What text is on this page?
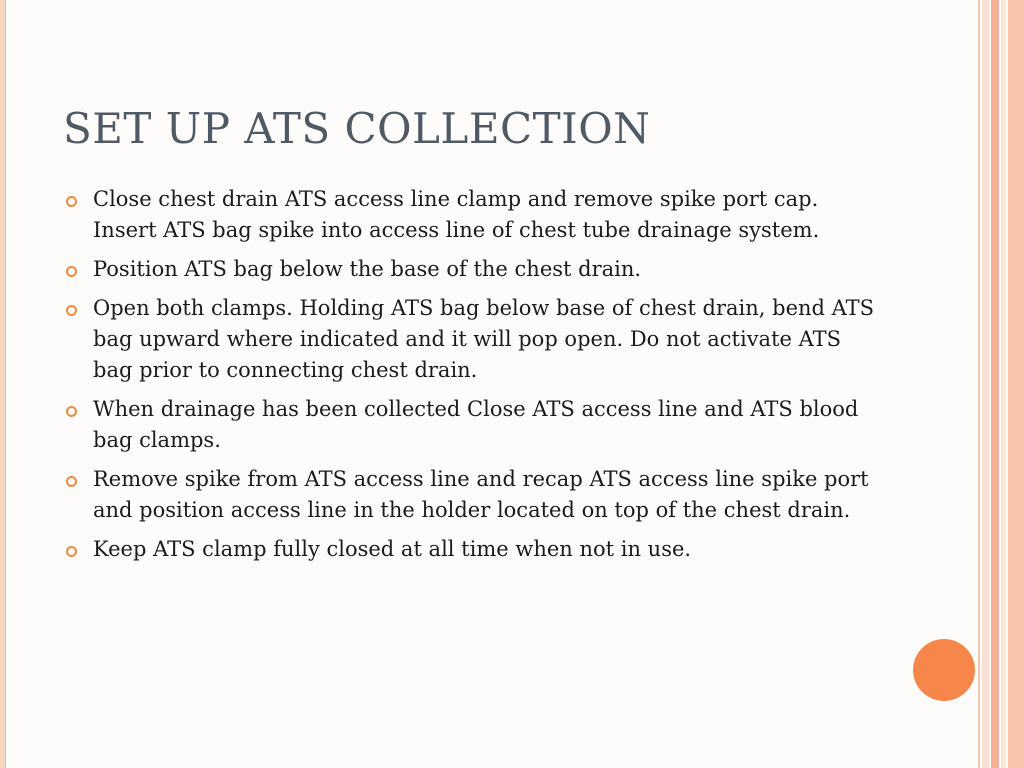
SET UP ATS COLLECTION
Close chest drain ATS access line clamp and remove spike port cap. Insert ATS bag spike into access line of chest tube drainage system.
Position ATS bag below the base of the chest drain.
Open both clamps. Holding ATS bag below base of chest drain, bend ATS bag upward where indicated and it will pop open. Do not activate ATS bag prior to connecting chest drain.
When drainage has been collected Close ATS access line and ATS blood bag clamps.
Remove spike from ATS access line and recap ATS access line spike port and position access line in the holder located on top of the chest drain.
Keep ATS clamp fully closed at all time when not in use.
